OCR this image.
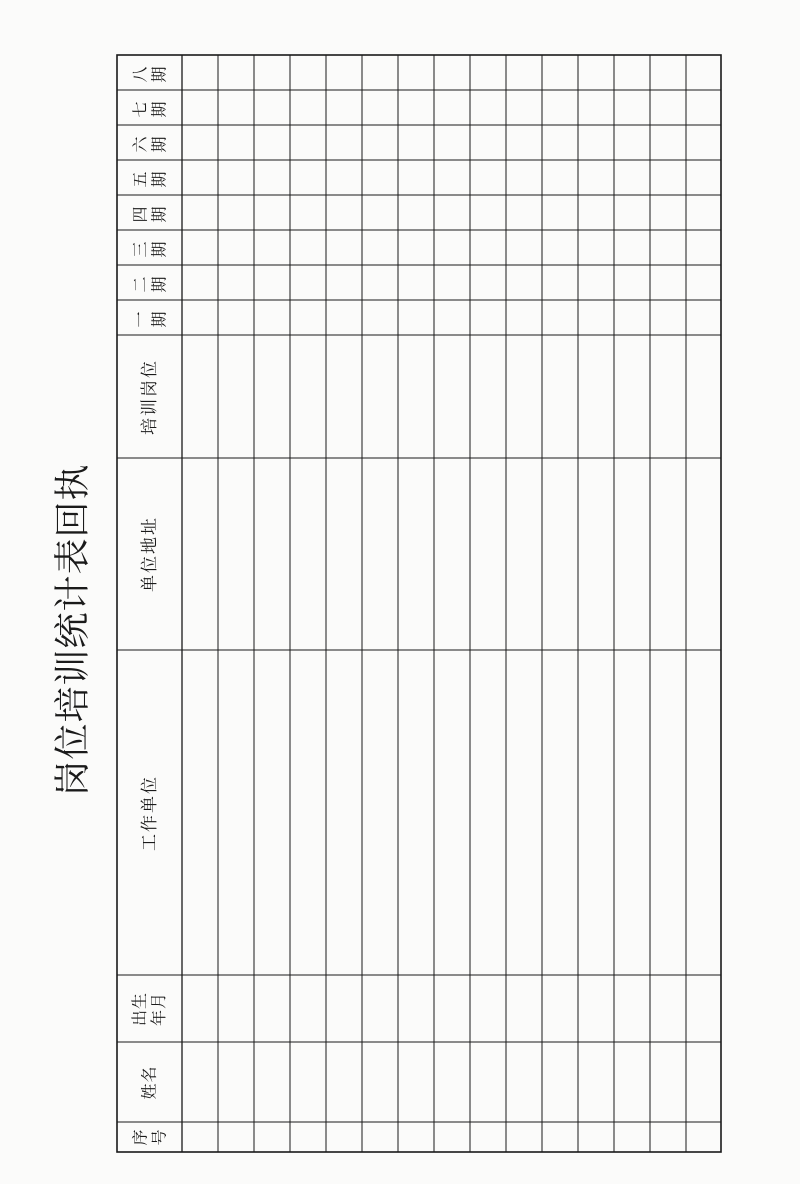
岗位培训统计表回执
序
号
姓名
出生
年月
工作单位
单位地址
培训岗位
一
期
二
期
三
期
四
期
五
期
六
期
七
期
八
期
